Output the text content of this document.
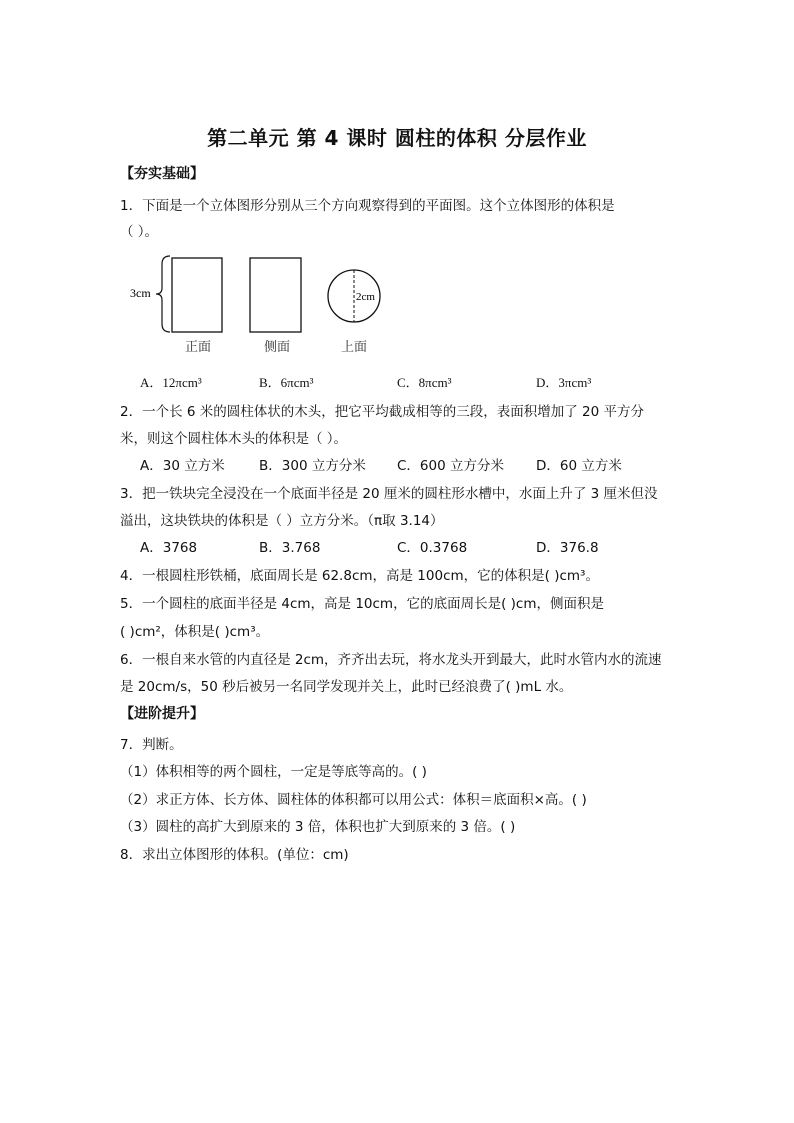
第二单元 第 4 课时 圆柱的体积 分层作业
【夯实基础】
1．下面是一个立体图形分别从三个方向观察得到的平面图。这个立体图形的体积是
（ ）。
3cm	2cm
正面	侧面	上面
A．12πcm³	B．6πcm³	C．8πcm³	D．3πcm³
2．一个长 6 米的圆柱体状的木头，把它平均截成相等的三段，表面积增加了 20 平方分
米，则这个圆柱体木头的体积是（ ）。
A．30 立方米	B．300 立方分米 C．600 立方分米 D．60 立方米
3．把一铁块完全浸没在一个底面半径是 20 厘米的圆柱形水槽中，水面上升了 3 厘米但没
溢出，这块铁块的体积是（ ）立方分米。（π取 3.14）
A．3768	B．3.768	C．0.3768	D．376.8
4．一根圆柱形铁桶，底面周长是 62.8cm，高是 100cm，它的体积是( )cm³。
5．一个圆柱的底面半径是 4cm，高是 10cm，它的底面周长是( )cm，侧面积是
( )cm²，体积是( )cm³。
6．一根自来水管的内直径是 2cm，齐齐出去玩，将水龙头开到最大，此时水管内水的流速
是 20cm/s，50 秒后被另一名同学发现并关上，此时已经浪费了( )mL 水。
【进阶提升】
7．判断。
（1）体积相等的两个圆柱，一定是等底等高的。( )
（2）求正方体、长方体、圆柱体的体积都可以用公式：体积＝底面积×高。( )
（3）圆柱的高扩大到原来的 3 倍，体积也扩大到原来的 3 倍。( )
8．求出立体图形的体积。(单位：cm)
